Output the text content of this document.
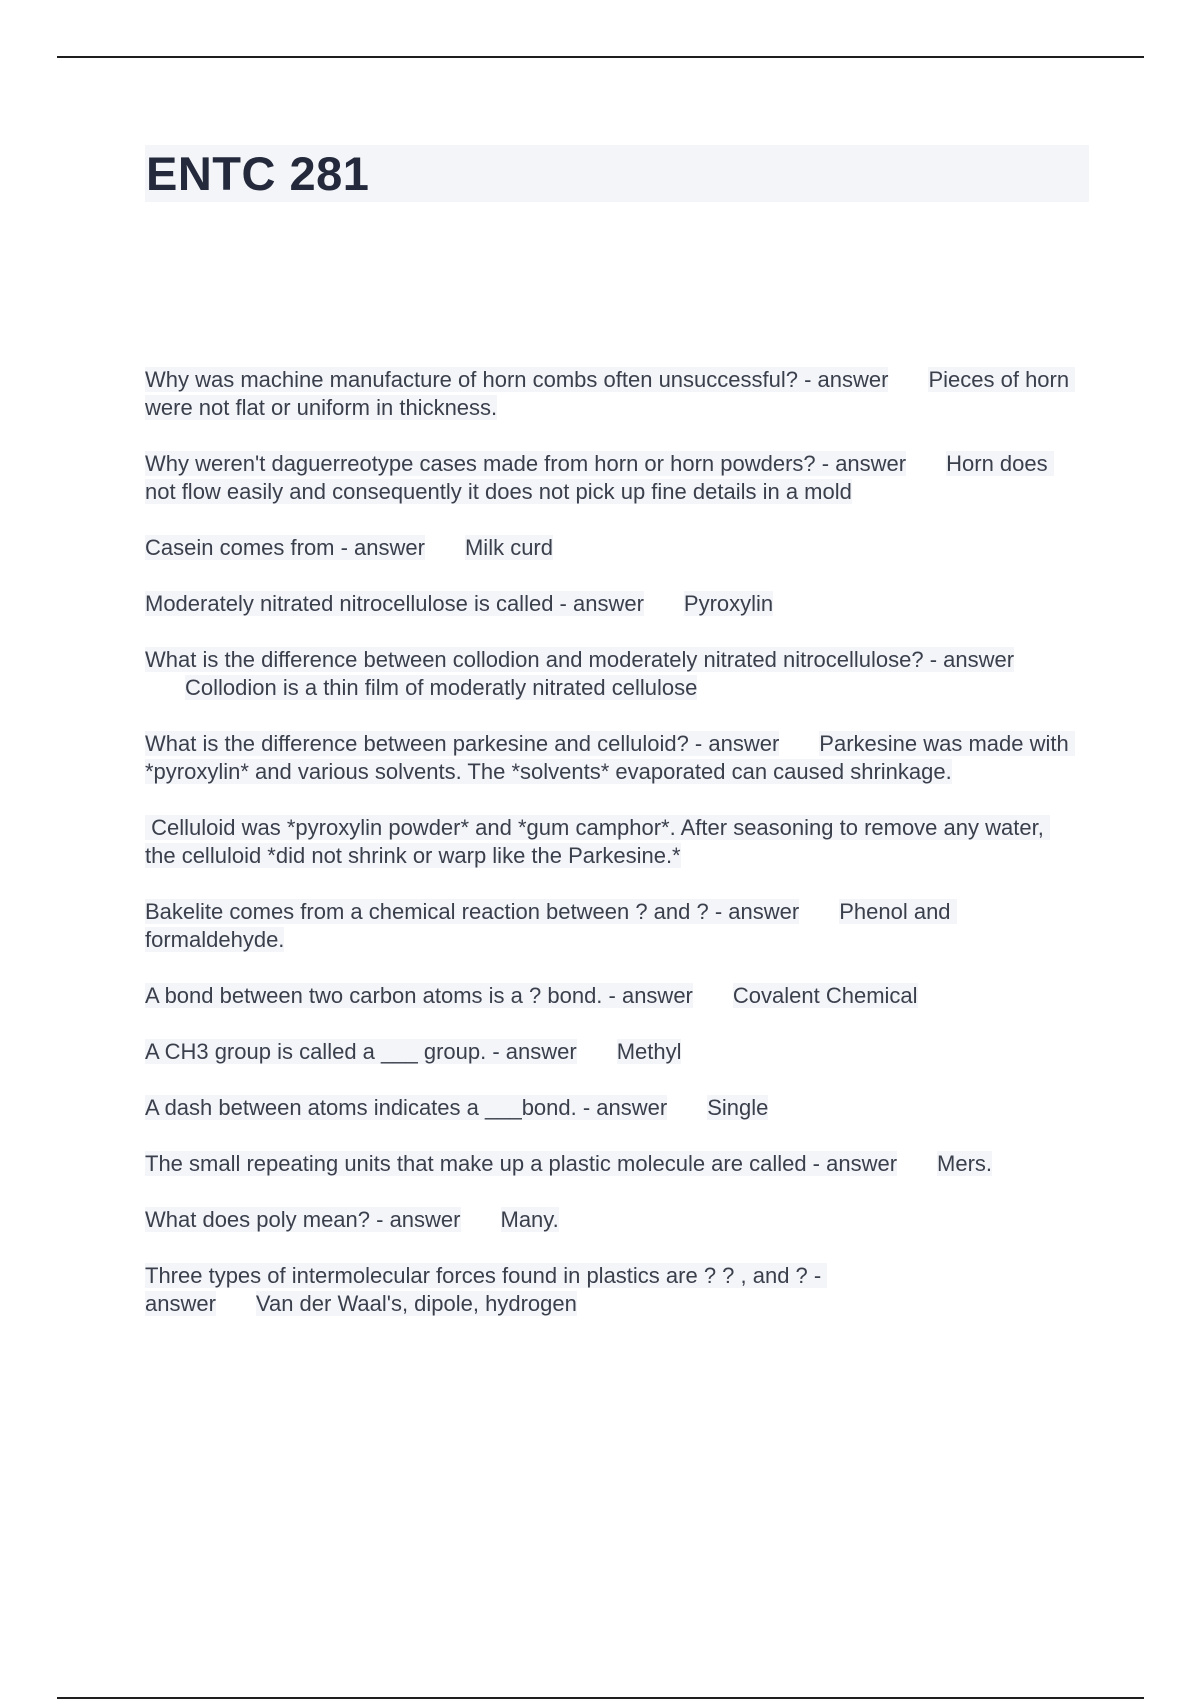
ENTC 281

Why was machine manufacture of horn combs often unsuccessful? - answer Pieces of horn were not flat or uniform in thickness.

Why weren't daguerreotype cases made from horn or horn powders? - answer Horn does not flow easily and consequently it does not pick up fine details in a mold

Casein comes from - answer Milk curd

Moderately nitrated nitrocellulose is called - answer Pyroxylin

What is the difference between collodion and moderately nitrated nitrocellulose? - answerCollodion is a thin film of moderatly nitrated cellulose

What is the difference between parkesine and celluloid? - answer Parkesine was made with *pyroxylin* and various solvents. The *solvents* evaporated can caused shrinkage.

Celluloid was *pyroxylin powder* and *gum camphor*. After seasoning to remove any water, the celluloid *did not shrink or warp like the Parkesine.*

Bakelite comes from a chemical reaction between ? and ? - answer Phenol and formaldehyde.

A bond between two carbon atoms is a ? bond. - answer Covalent Chemical

A CH3 group is called a ___ group. - answer Methyl

A dash between atoms indicates a ___bond. - answer Single

The small repeating units that make up a plastic molecule are called - answer Mers.

What does poly mean? - answer Many.

Three types of intermolecular forces found in plastics are ? ? , and ? - answer Van der Waal's, dipole, hydrogen
